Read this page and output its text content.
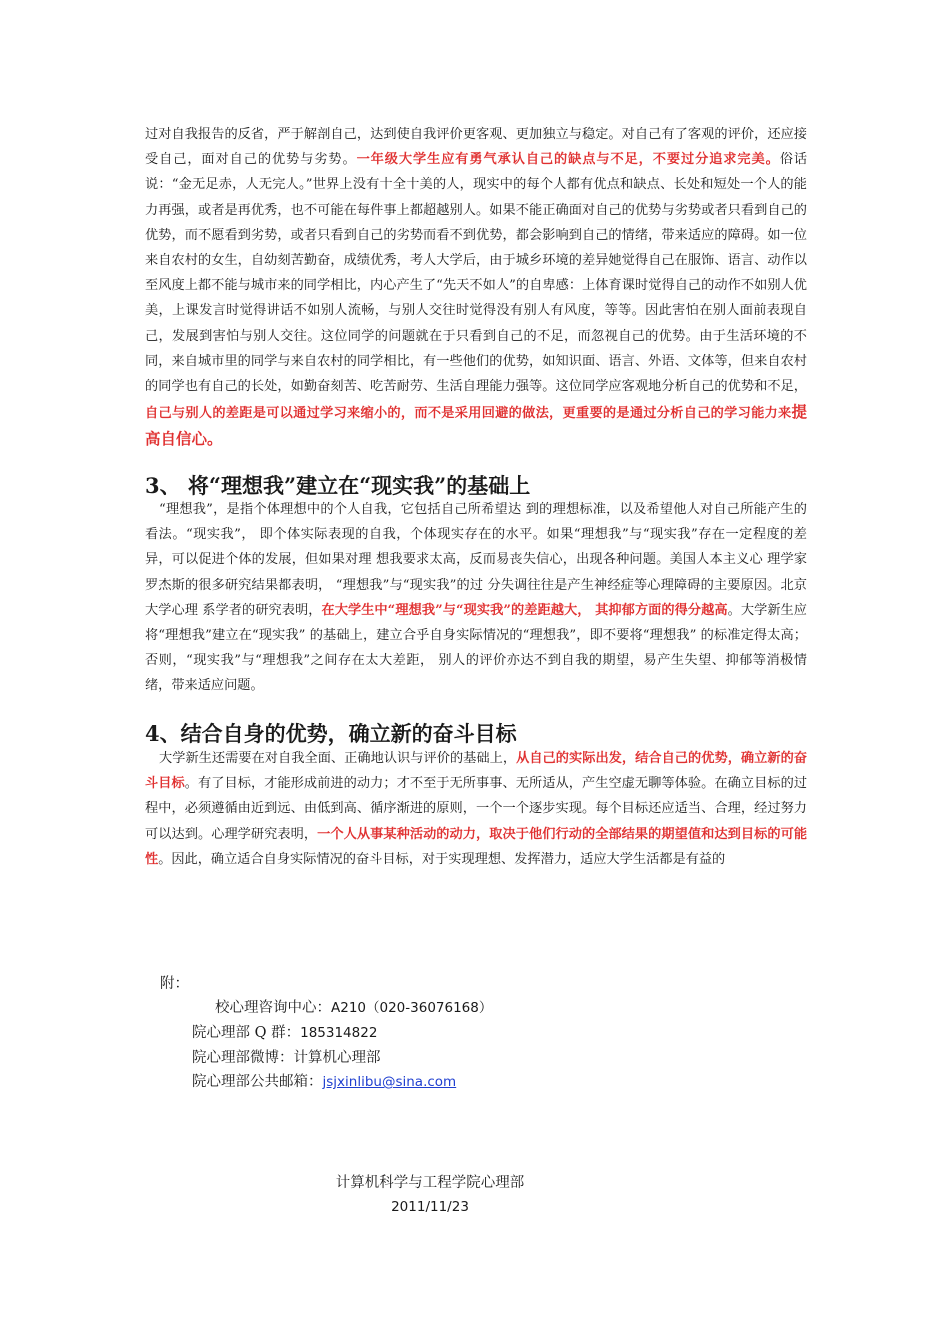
过对自我报告的反省，严于解剖自己，达到使自我评价更客观、更加独立与稳定。对自己有了客观的评价，还应接受自己，面对自己的优势与劣势。一年级大学生应有勇气承认自己的缺点与不足，不要过分追求完美。俗话说：“金无足赤，人无完人。”世界上没有十全十美的人，现实中的每个人都有优点和缺点、长处和短处一个人的能力再强，或者是再优秀，也不可能在每件事上都超越别人。如果不能正确面对自己的优势与劣势或者只看到自己的优势，而不愿看到劣势，或者只看到自己的劣势而看不到优势，都会影响到自己的情绪，带来适应的障碍。如一位来自农村的女生，自幼刻苦勤奋，成绩优秀，考人大学后，由于城乡环境的差异她觉得自己在服饰、语言、动作以至风度上都不能与城市来的同学相比，内心产生了“先天不如人”的自卑感：上体育课时觉得自己的动作不如别人优美，上课发言时觉得讲话不如别人流畅，与别人交往时觉得没有别人有风度，等等。因此害怕在别人面前表现自己，发展到害怕与别人交往。这位同学的问题就在于只看到自己的不足，而忽视自己的优势。由于生活环境的不同，来自城市里的同学与来自农村的同学相比，有一些他们的优势，如知识面、语言、外语、文体等，但来自农村的同学也有自己的长处，如勤奋刻苦、吃苦耐劳、生活自理能力强等。这位同学应客观地分析自己的优势和不足，自己与别人的差距是可以通过学习来缩小的，而不是采用回避的做法，更重要的是通过分析自己的学习能力来提高自信心。

3、 将“理想我”建立在“现实我”的基础上

“理想我”，是指个体理想中的个人自我，它包括自己所希望达 到的理想标准，以及希望他人对自己所能产生的看法。“现实我”， 即个体实际表现的自我，个体现实存在的水平。如果“理想我”与“现实我”存在一定程度的差异，可以促进个体的发展，但如果对理 想我要求太高，反而易丧失信心，出现各种问题。美国人本主义心 理学家罗杰斯的很多研究结果都表明， “理想我”与“现实我”的过 分失调往往是产生神经症等心理障碍的主要原因。北京大学心理 系学者的研究表明，在大学生中“理想我”与“现实我”的差距越大， 其抑郁方面的得分越高。大学新生应将“理想我”建立在“现实我” 的基础上，建立合乎自身实际情况的“理想我”，即不要将“理想我” 的标准定得太高；否则，“现实我”与“理想我”之间存在太大差距， 别人的评价亦达不到自我的期望，易产生失望、抑郁等消极情绪，带来适应问题。

4、结合自身的优势，确立新的奋斗目标

大学新生还需要在对自我全面、正确地认识与评价的基础上，从自己的实际出发，结合自己的优势，确立新的奋斗目标。有了目标，才能形成前进的动力；才不至于无所事事、无所适从，产生空虚无聊等体验。在确立目标的过程中，必须遵循由近到远、由低到高、循序渐进的原则，一个一个逐步实现。每个目标还应适当、合理，经过努力可以达到。心理学研究表明，一个人从事某种活动的动力，取决于他们行动的全部结果的期望值和达到目标的可能性。因此，确立适合自身实际情况的奋斗目标，对于实现理想、发挥潜力，适应大学生活都是有益的

附：
校心理咨询中心：A210（020-36076168）
院心理部 Q 群：185314822
院心理部微博：计算机心理部
院心理部公共邮箱：jsjxinlibu@sina.com
计算机科学与工程学院心理部
2011/11/23
